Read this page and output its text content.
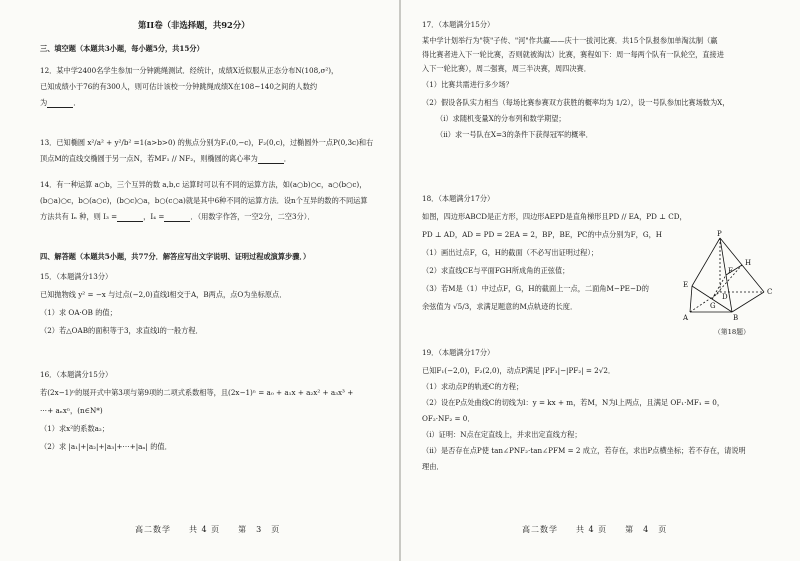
第II卷（非选择题，共92分）
三、填空题（本题共3小题，每小题5分，共15分）
12．某中学2400名学生参加一分钟跳绳测试．经统计，成绩X近似服从正态分布N(108,σ²)，
已知成绩小于76的有300人，则可估计该校一分钟跳绳成绩X在108∼140之间的人数约
为	．
13．已知椭圆 x²/a² + y²/b² =1(a>b>0) 的焦点分别为F₁(0,−c)，F₂(0,c)，过椭圆外一点P(0,3c)和右
顶点M的直线交椭圆于另一点N，若MF₁ // NF₂，则椭圆的离心率为	．
14．有一种运算 a○b，三个互异的数 a,b,c 运算时可以有不同的运算方法，如(a○b)○c，a○(b○c)，
(b○a)○c，b○(a○c)，(b○c)○a，b○(c○a)就是其中6种不同的运算方法．设n个互异的数的不同运算
方法共有 Iₙ 种，则 I₃ =	，I₄ =	．（用数字作答，一空2分，二空3分）．
四、解答题（本题共5小题，共77分．解答应写出文字说明、证明过程或演算步骤．）
15．（本题满分13分）
已知抛物线 y² = −x 与过点(−2,0)直线l相交于A，B两点，点O为坐标原点．
（1）求 OA·OB 的值；
（2）若△OAB的面积等于3，求直线l的一般方程．
16．（本题满分15分）
若(2x−1)ⁿ的展开式中第3项与第9项的二项式系数相等，且(2x−1)ⁿ = a₀ + a₁x + a₂x² + a₃x³ +
⋯+ aₙxⁿ，(n∈N*)
（1）求x²的系数a₂；
（2）求 |a₁|+|a₂|+|a₃|+⋯+|aₙ| 的值．
高二数学　　共 4 页　　第　3　页
17．（本题满分15分）
某中学计划举行为"筷"子传、"河"作共赢——庆十一拔河比赛．共15个队报参加单淘汰制（赢
得比赛者进入下一轮比赛，否则就被淘汰）比赛，赛程如下：周一每两个队有一队轮空，直接进
入下一轮比赛），周二强赛，周三半决赛，周四决赛．
（1）比赛共需进行多少场？
（2）假设各队实力相当（每场比赛参赛双方获胜的概率均为 1/2），设一号队参加比赛场数为X，
（i）求随机变量X的分布列和数学期望；
（ii）求一号队在X=3的条件下获得冠军的概率．
18．（本题满分17分）
如图，四边形ABCD是正方形，四边形AEPD是直角梯形且PD // EA，PD ⊥ CD，
PD ⊥ AD，AD = PD = 2EA = 2，BP，BE，PC的中点分别为F，G，H
（1）画出过点F，G，H的截面（不必写出证明过程）；
（2）求直线CE与平面FGH所成角的正弦值；
（3）若M是（1）中过点F，G，H的截面上一点，二面角M−PE−D的
余弦值为 √5/3，求满足题意的M点轨迹的长度．
P
H
F
E
G
D
C
A	B
（第18题）
19．（本题满分17分）
已知F₁(−2,0)，F₂(2,0)，动点P满足 |PF₁|−|PF₂| = 2√2．
（1）求动点P的轨迹C的方程；
（2）设在P点处曲线C的切线为l：y = kx + m，若M，N为l上两点，且满足 OF₁·MF₁ = 0，
OF₂·NF₂ = 0．
（i）证明：N点在定直线上，并求出定直线方程；
（ii）是否存在点P使 tan∠PNF₂·tan∠PFM = 2 成立，若存在，求出P点横坐标；若不存在，请说明
理由．
高二数学　　共 4 页　　第　4　页
